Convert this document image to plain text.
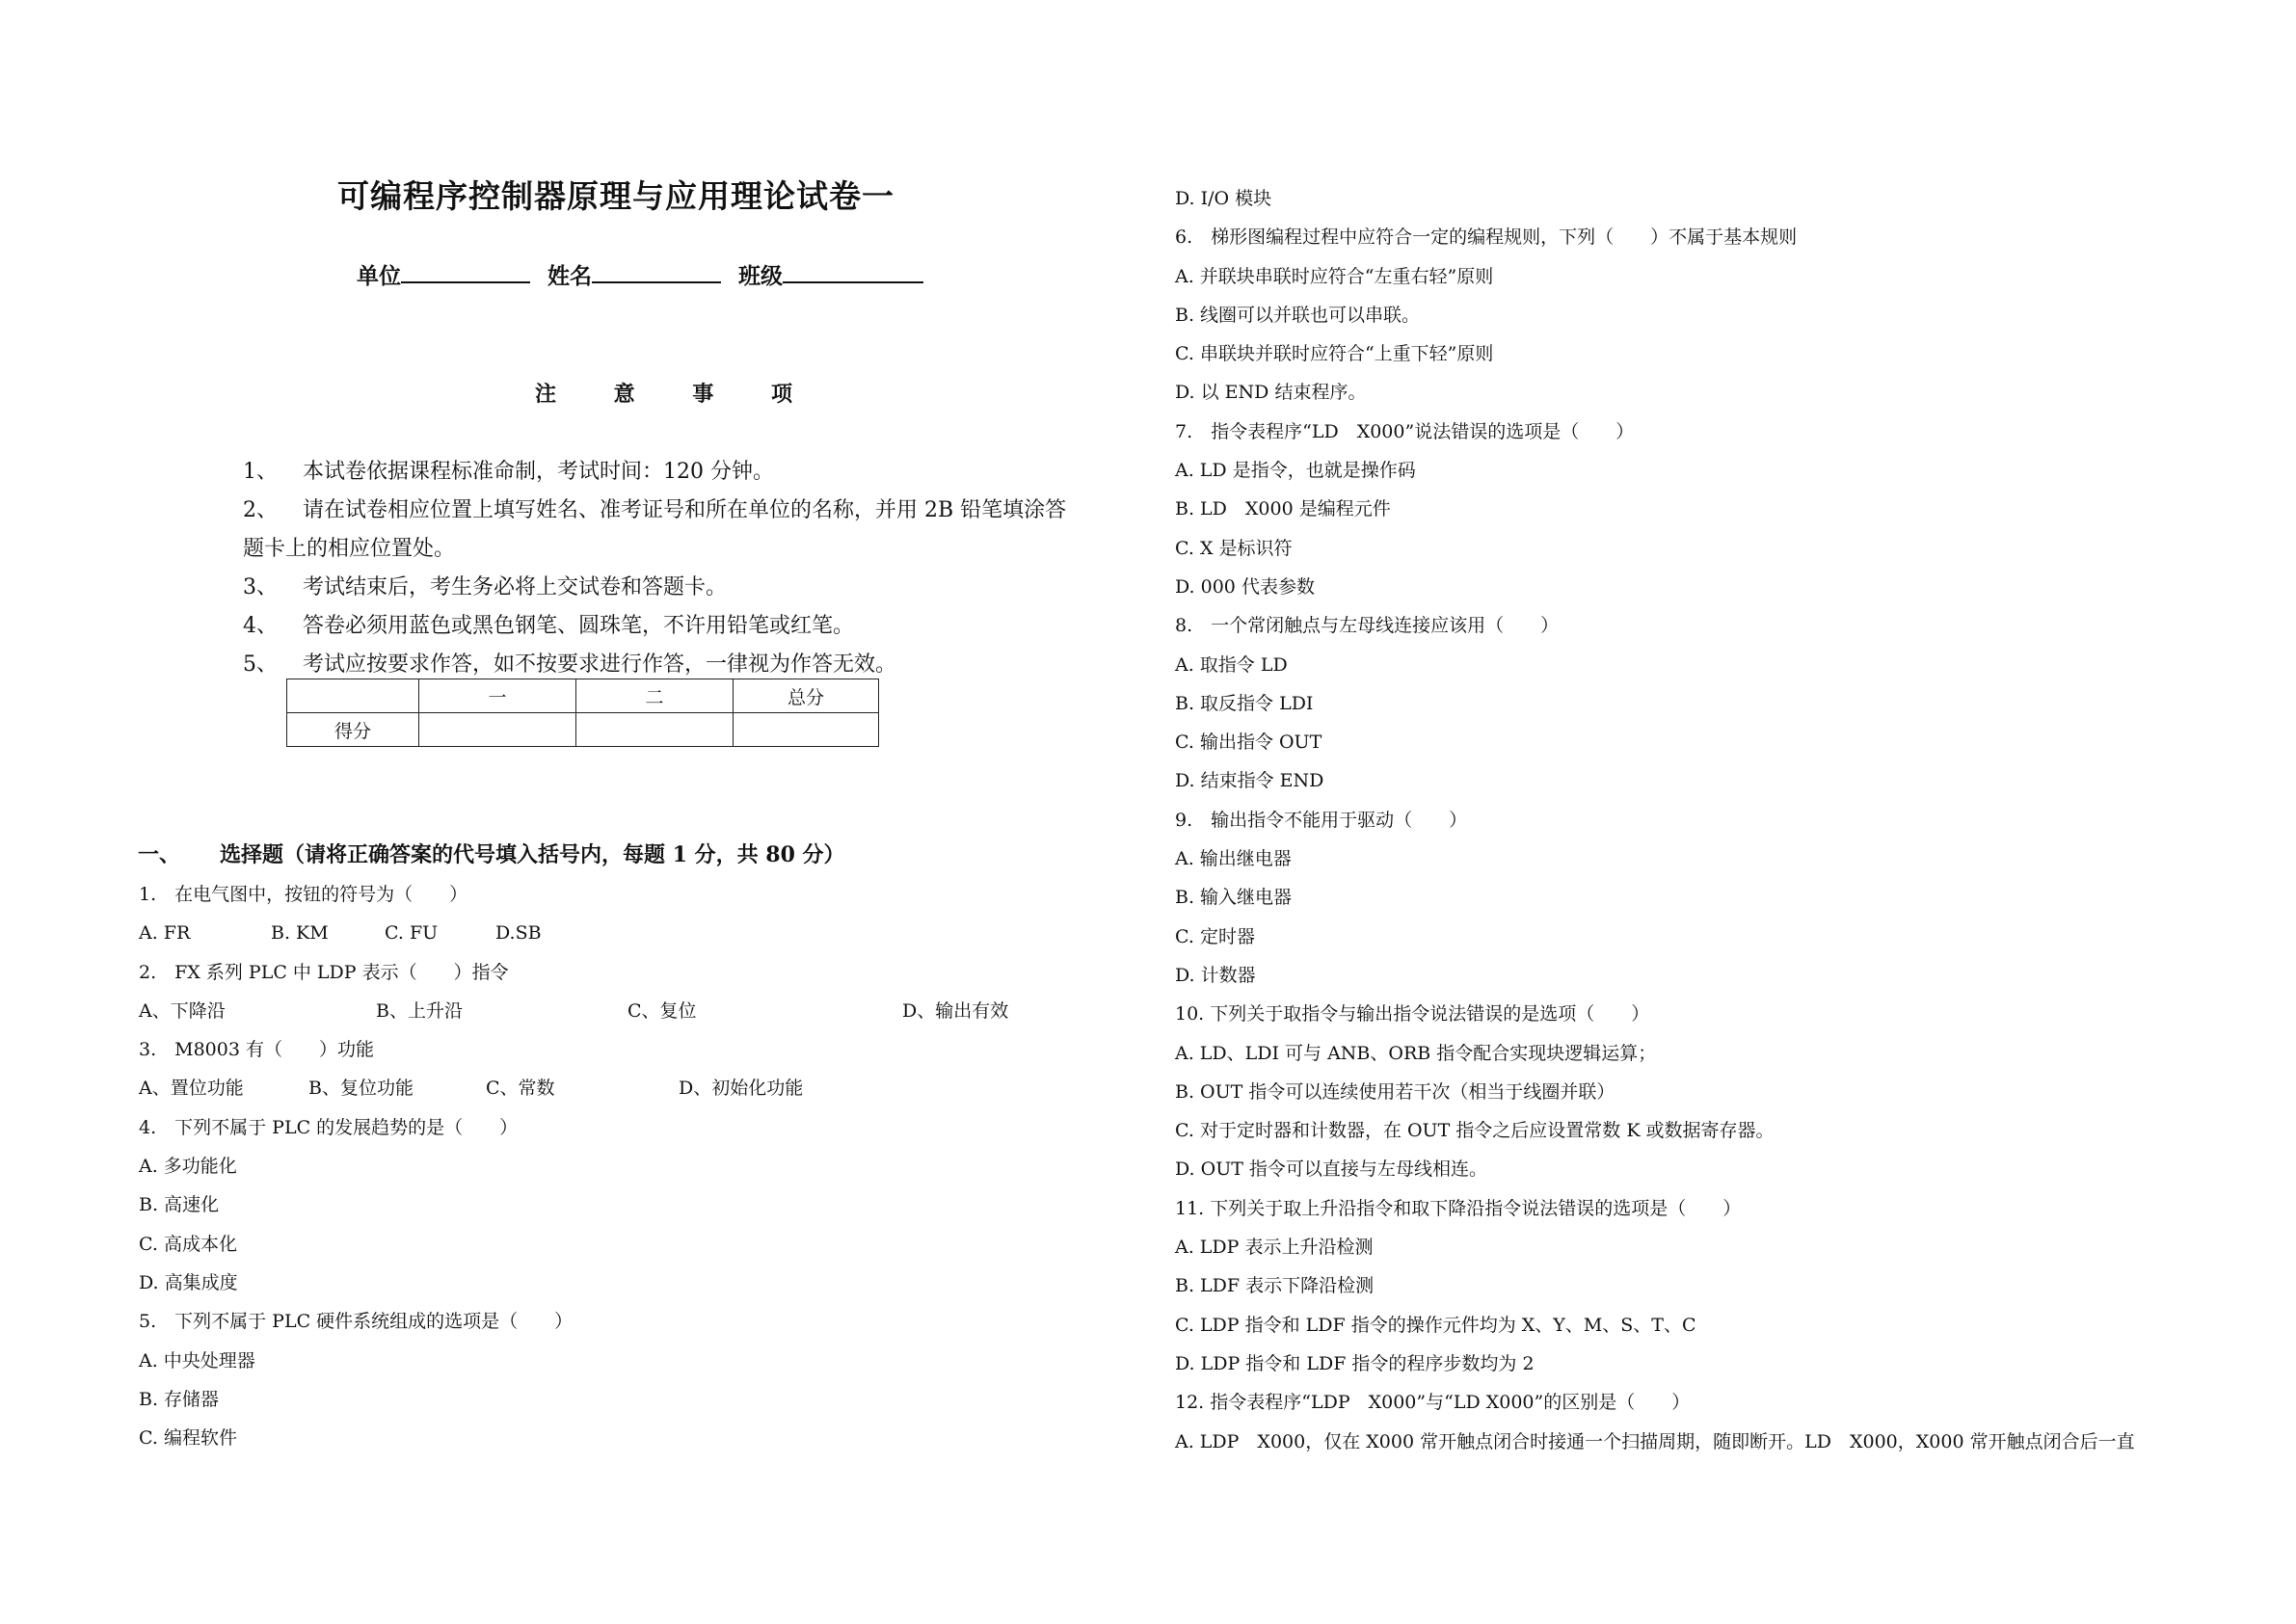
可编程序控制器原理与应用理论试卷一
单位	姓名	班级
注 意 事 项
1、	本试卷依据课程标准命制，考试时间：120 分钟。
2、	请在试卷相应位置上填写姓名、准考证号和所在单位的名称，并用 2B 铅笔填涂答
题卡上的相应位置处。
3、	考试结束后，考生务必将上交试卷和答题卡。
4、	答卷必须用蓝色或黑色钢笔、圆珠笔，不许用铅笔或红笔。
5、	考试应按要求作答，如不按要求进行作答，一律视为作答无效。
	一	二	总分
得分			
一、 选择题（请将正确答案的代号填入括号内，每题 1 分，共 80 分）
1.　在电气图中，按钮的符号为（　　）
A. FR	B. KM	C. FU	D.SB
2.　FX 系列 PLC 中 LDP 表示（　　）指令
A、下降沿	B、上升沿	C、复位	D、输出有效
3.　M8003 有（　　）功能
A、置位功能	B、复位功能	C、常数	D、初始化功能
4.　下列不属于 PLC 的发展趋势的是（　　）
A. 多功能化
B. 高速化
C. 高成本化
D. 高集成度
5.　下列不属于 PLC 硬件系统组成的选项是（　　）
A. 中央处理器
B. 存储器
C. 编程软件
D. I/O 模块
6.　梯形图编程过程中应符合一定的编程规则，下列（　　）不属于基本规则
A. 并联块串联时应符合“左重右轻”原则
B. 线圈可以并联也可以串联。
C. 串联块并联时应符合“上重下轻”原则
D. 以 END 结束程序。
7.　指令表程序“LD　X000”说法错误的选项是（　　）
A. LD 是指令，也就是操作码
B. LD　X000 是编程元件
C. X 是标识符
D. 000 代表参数
8.　一个常闭触点与左母线连接应该用（　　）
A. 取指令 LD
B. 取反指令 LDI
C. 输出指令 OUT
D. 结束指令 END
9.　输出指令不能用于驱动（　　）
A. 输出继电器
B. 输入继电器
C. 定时器
D. 计数器
10. 下列关于取指令与输出指令说法错误的是选项（　　）
A. LD、LDI 可与 ANB、ORB 指令配合实现块逻辑运算；
B. OUT 指令可以连续使用若干次（相当于线圈并联）
C. 对于定时器和计数器，在 OUT 指令之后应设置常数 K 或数据寄存器。
D. OUT 指令可以直接与左母线相连。
11. 下列关于取上升沿指令和取下降沿指令说法错误的选项是（　　）
A. LDP 表示上升沿检测
B. LDF 表示下降沿检测
C. LDP 指令和 LDF 指令的操作元件均为 X、Y、M、S、T、C
D. LDP 指令和 LDF 指令的程序步数均为 2
12. 指令表程序“LDP　X000”与“LD X000”的区别是（　　）
A. LDP　X000，仅在 X000 常开触点闭合时接通一个扫描周期，随即断开。LD　X000，X000 常开触点闭合后一直
